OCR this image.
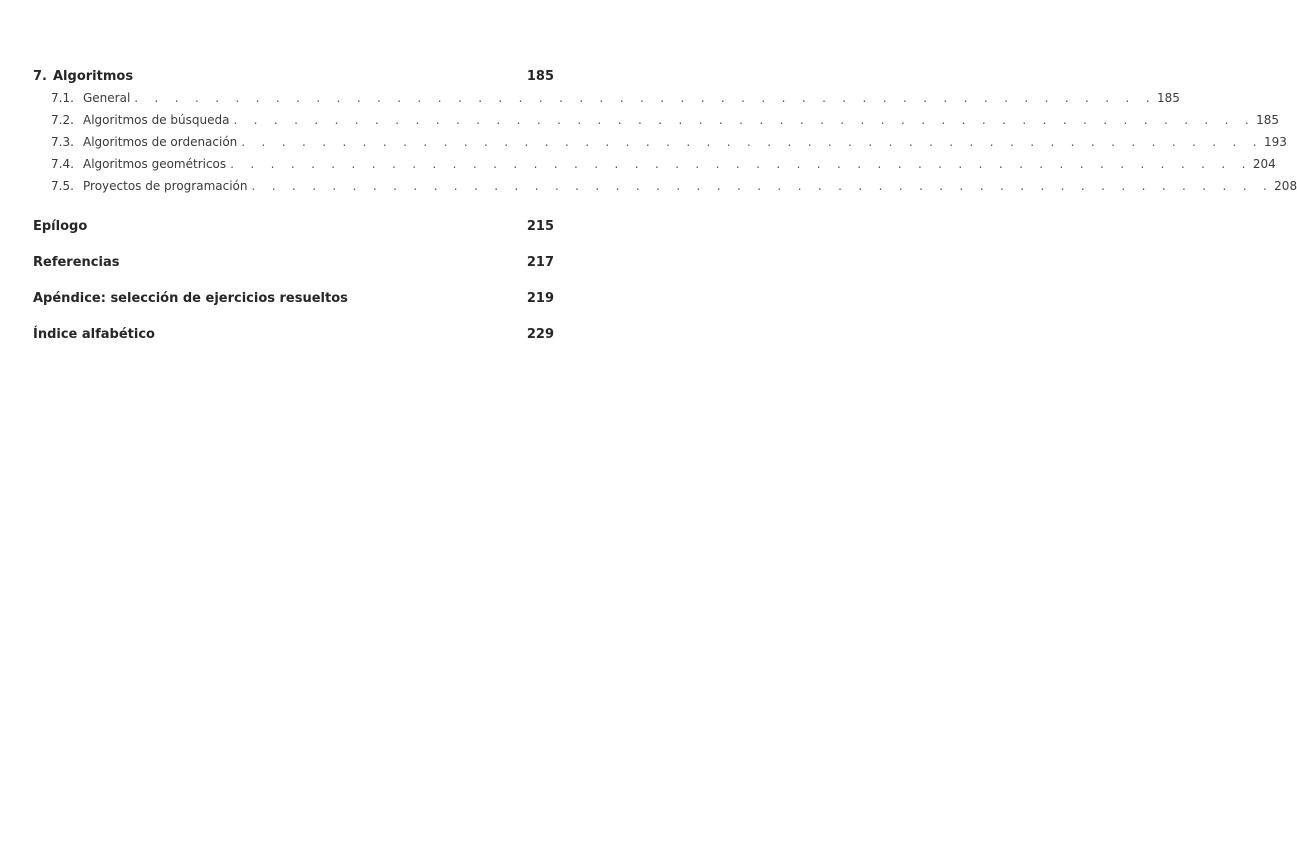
7. Algoritmos	185
7.1. General . . . . . . . . . . . . . . . . . . . . . . . . . . . . . . . . . . . . . . . . . . . . . . . . . . . 185
7.2. Algoritmos de búsqueda . . . . . . . . . . . . . . . . . . . . . . . . . . . . . . . . . . . . . . . . . . . . . . . . . . . 185
7.3. Algoritmos de ordenación . . . . . . . . . . . . . . . . . . . . . . . . . . . . . . . . . . . . . . . . . . . . . . . . . . . 193
7.4. Algoritmos geométricos . . . . . . . . . . . . . . . . . . . . . . . . . . . . . . . . . . . . . . . . . . . . . . . . . . . 204
7.5. Proyectos de programación . . . . . . . . . . . . . . . . . . . . . . . . . . . . . . . . . . . . . . . . . . . . . . . . . . . 208
Epílogo	215
Referencias	217
Apéndice: selección de ejercicios resueltos	219
Índice alfabético	229
